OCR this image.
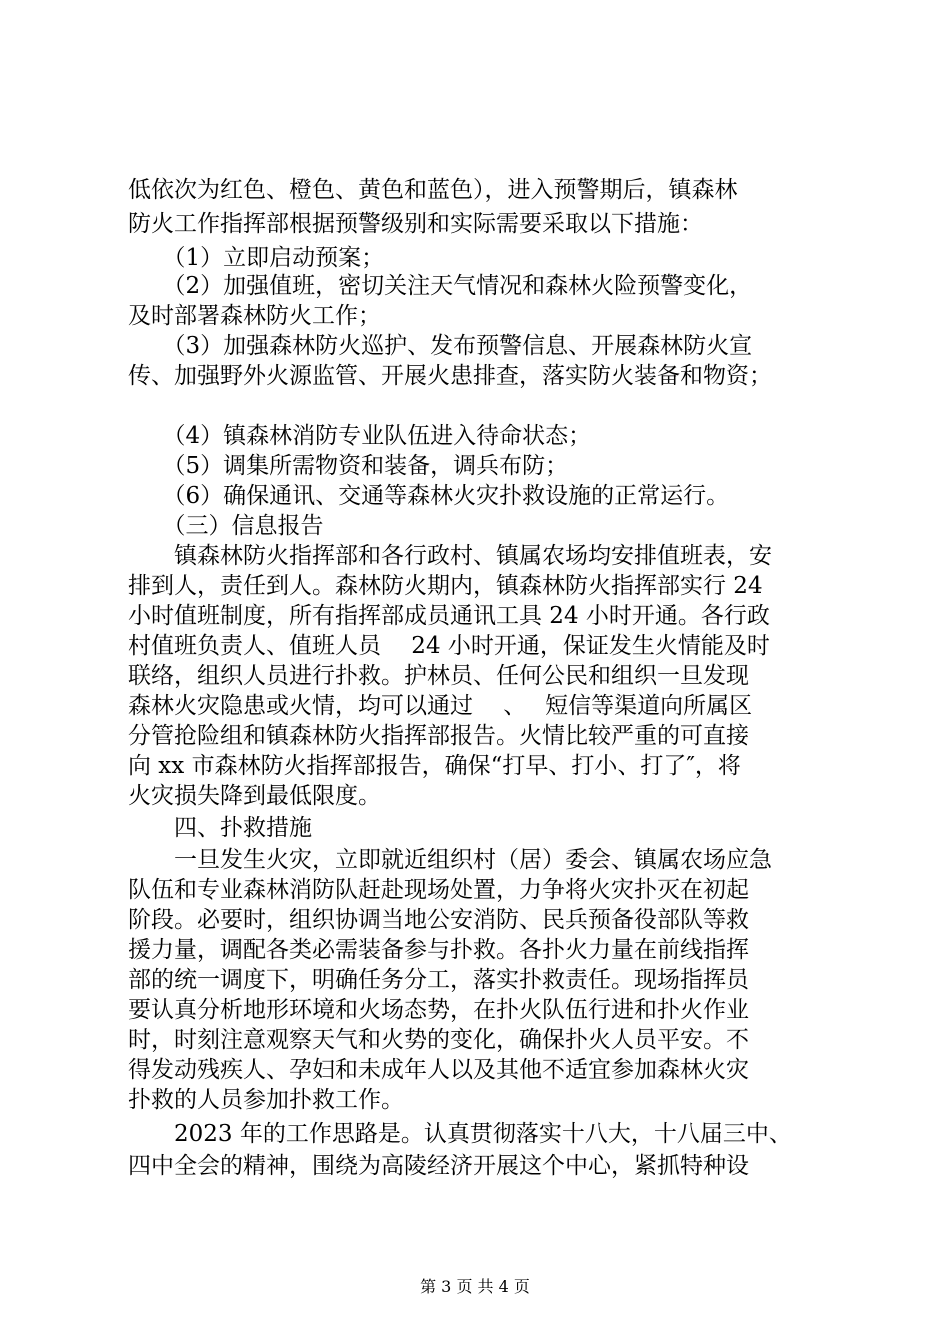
低依次为红色、橙色、黄色和蓝色），进入预警期后，镇森林
防火工作指挥部根据预警级别和实际需要采取以下措施：
　　（1）立即启动预案；
　　（2）加强值班，密切关注天气情况和森林火险预警变化，
及时部署森林防火工作；
　　（3）加强森林防火巡护、发布预警信息、开展森林防火宣
传、加强野外火源监管、开展火患排查，落实防火装备和物资；
　　（4）镇森林消防专业队伍进入待命状态；
　　（5）调集所需物资和装备，调兵布防；
　　（6）确保通讯、交通等森林火灾扑救设施的正常运行。
　　（三）信息报告
　　镇森林防火指挥部和各行政村、镇属农场均安排值班表，安
排到人，责任到人。森林防火期内，镇森林防火指挥部实行 24
小时值班制度，所有指挥部成员通讯工具 24 小时开通。各行政
村值班负责人、值班人员　 24 小时开通，保证发生火情能及时
联络，组织人员进行扑救。护林员、任何公民和组织一旦发现
森林火灾隐患或火情，均可以通过　 、　 短信等渠道向所属区
分管抢险组和镇森林防火指挥部报告。火情比较严重的可直接
向 xx 市森林防火指挥部报告，确保“打早、打小、打了″，将
火灾损失降到最低限度。
　　四、扑救措施
　　一旦发生火灾，立即就近组织村（居）委会、镇属农场应急
队伍和专业森林消防队赶赴现场处置，力争将火灾扑灭在初起
阶段。必要时，组织协调当地公安消防、民兵预备役部队等救
援力量，调配各类必需装备参与扑救。各扑火力量在前线指挥
部的统一调度下，明确任务分工，落实扑救责任。现场指挥员
要认真分析地形环境和火场态势，在扑火队伍行进和扑火作业
时，时刻注意观察天气和火势的变化，确保扑火人员平安。不
得发动残疾人、孕妇和未成年人以及其他不适宜参加森林火灾
扑救的人员参加扑救工作。
　　2023 年的工作思路是。认真贯彻落实十八大，十八届三中、
四中全会的精神，围绕为高陵经济开展这个中心，紧抓特种设
第 3 页 共 4 页
